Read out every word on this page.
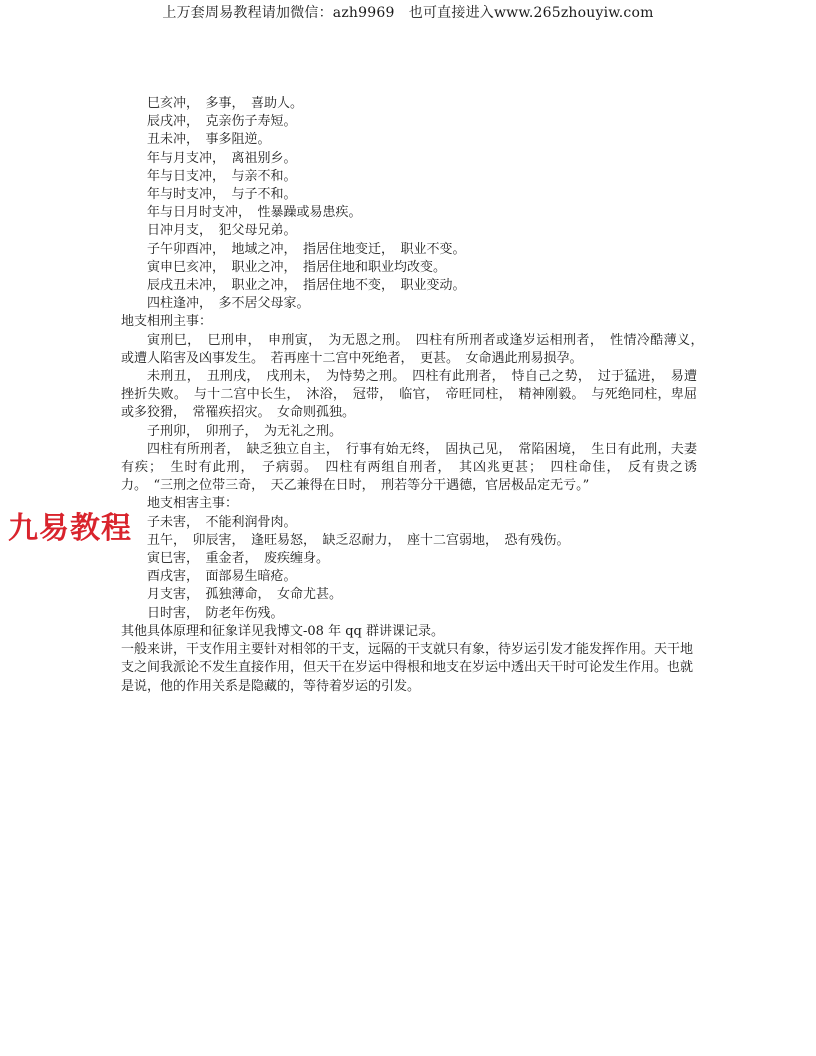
上万套周易教程请加微信：azh9969　也可直接进入www.265zhouyiw.com
九易教程

巳亥冲，　多事，　喜助人。

辰戌冲，　克亲伤子寿短。

丑未冲，　事多阻逆。

年与月支冲，　离祖别乡。

年与日支冲，　与亲不和。

年与时支冲，　与子不和。

年与日月时支冲，　性暴躁或易患疾。

日冲月支，　犯父母兄弟。

子午卯酉冲，　地域之冲，　指居住地变迁，　职业不变。

寅申巳亥冲，　职业之冲，　指居住地和职业均改变。

辰戌丑未冲，　职业之冲，　指居住地不变，　职业变动。

四柱逢冲，　多不居父母家。

地支相刑主事：

寅刑巳，　巳刑申，　申刑寅，　为无恩之刑。　四柱有所刑者或逢岁运相刑者，　性情冷酷薄义，　或遭人陷害及凶事发生。　若再座十二宫中死绝者，　更甚。　女命遇此刑易损孕。

未刑丑，　丑刑戌，　戌刑未，　为恃势之刑。　四柱有此刑者，　恃自己之势，　过于猛进，　易遭挫折失败。　与十二宫中长生，　沐浴，　冠带，　临官，　帝旺同柱，　精神刚毅。　与死绝同柱，卑屈或多狡猾，　常罹疾招灾。　女命则孤独。

子刑卯，　卯刑子，　为无礼之刑。

四柱有所刑者，　缺乏独立自主，　行事有始无终，　固执己见，　常陷困境，　生日有此刑，夫妻有疾；　生时有此刑，　子病弱。　四柱有两组自刑者，　其凶兆更甚；　四柱命佳，　反有贵之诱力。　“三刑之位带三奇，　天乙兼得在日时，　刑若等分干遇德，官居极品定无亏。”

地支相害主事：

子未害，　不能利润骨肉。

丑午，　卯辰害，　逢旺易怒，　缺乏忍耐力，　座十二宫弱地，　恐有残伤。

寅巳害，　重金者，　废疾缠身。

酉戌害，　面部易生暗疮。

月支害，　孤独薄命，　女命尤甚。

日时害，　防老年伤残。

其他具体原理和征象详见我博文-08 年 qq 群讲课记录。

一般来讲，干支作用主要针对相邻的干支，远隔的干支就只有象，待岁运引发才能发挥作用。天干地支之间我派论不发生直接作用，但天干在岁运中得根和地支在岁运中透出天干时可论发生作用。也就是说，他的作用关系是隐藏的，等待着岁运的引发。
